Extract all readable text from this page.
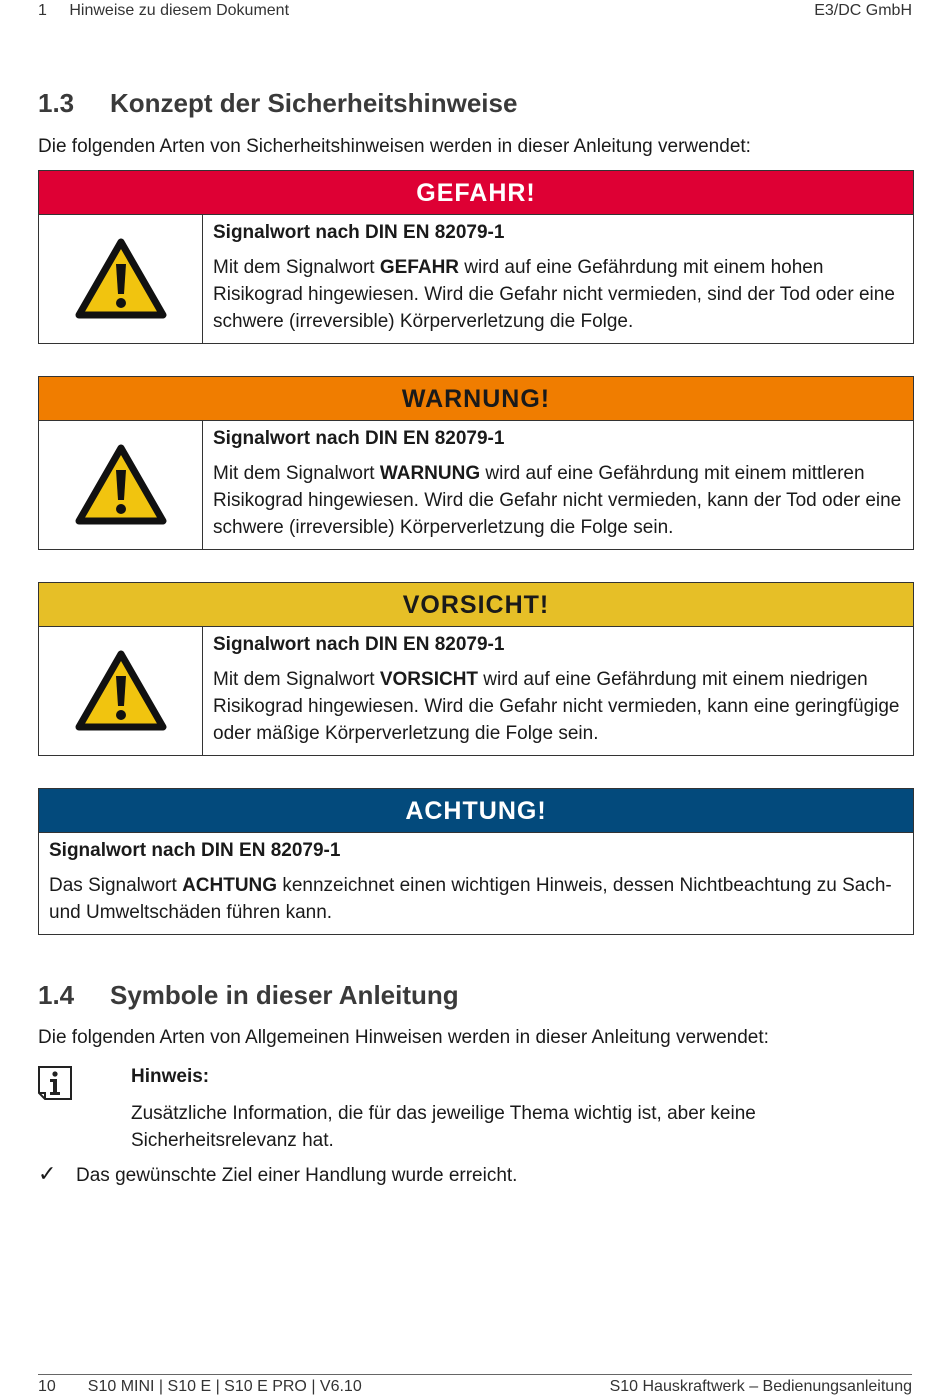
1 Hinweise zu diesem Dokument	E3/DC GmbH
1.3 Konzept der Sicherheitshinweise
Die folgenden Arten von Sicherheitshinweisen werden in dieser Anleitung verwendet:
GEFAHR!
Signalwort nach DIN EN 82079-1
Mit dem Signalwort GEFAHR wird auf eine Gefährdung mit einem hohen Risikograd hingewiesen. Wird die Gefahr nicht vermieden, sind der Tod oder eine schwere (irreversible) Körperverletzung die Folge.
WARNUNG!
Signalwort nach DIN EN 82079-1
Mit dem Signalwort WARNUNG wird auf eine Gefährdung mit einem mittleren Risikograd hingewiesen. Wird die Gefahr nicht vermieden, kann der Tod oder eine schwere (irreversible) Körperverletzung die Folge sein.
VORSICHT!
Signalwort nach DIN EN 82079-1
Mit dem Signalwort VORSICHT wird auf eine Gefährdung mit einem niedrigen Risikograd hingewiesen. Wird die Gefahr nicht vermieden, kann eine geringfügige oder mäßige Körperverletzung die Folge sein.
ACHTUNG!
Signalwort nach DIN EN 82079-1
Das Signalwort ACHTUNG kennzeichnet einen wichtigen Hinweis, dessen Nichtbeachtung zu Sach- und Umweltschäden führen kann.
1.4 Symbole in dieser Anleitung
Die folgenden Arten von Allgemeinen Hinweisen werden in dieser Anleitung verwendet:
Hinweis:
Zusätzliche Information, die für das jeweilige Thema wichtig ist, aber keine Sicherheitsrelevanz hat.
✓ Das gewünschte Ziel einer Handlung wurde erreicht.
10 S10 MINI | S10 E | S10 E PRO | V6.10	S10 Hauskraftwerk – Bedienungsanleitung
